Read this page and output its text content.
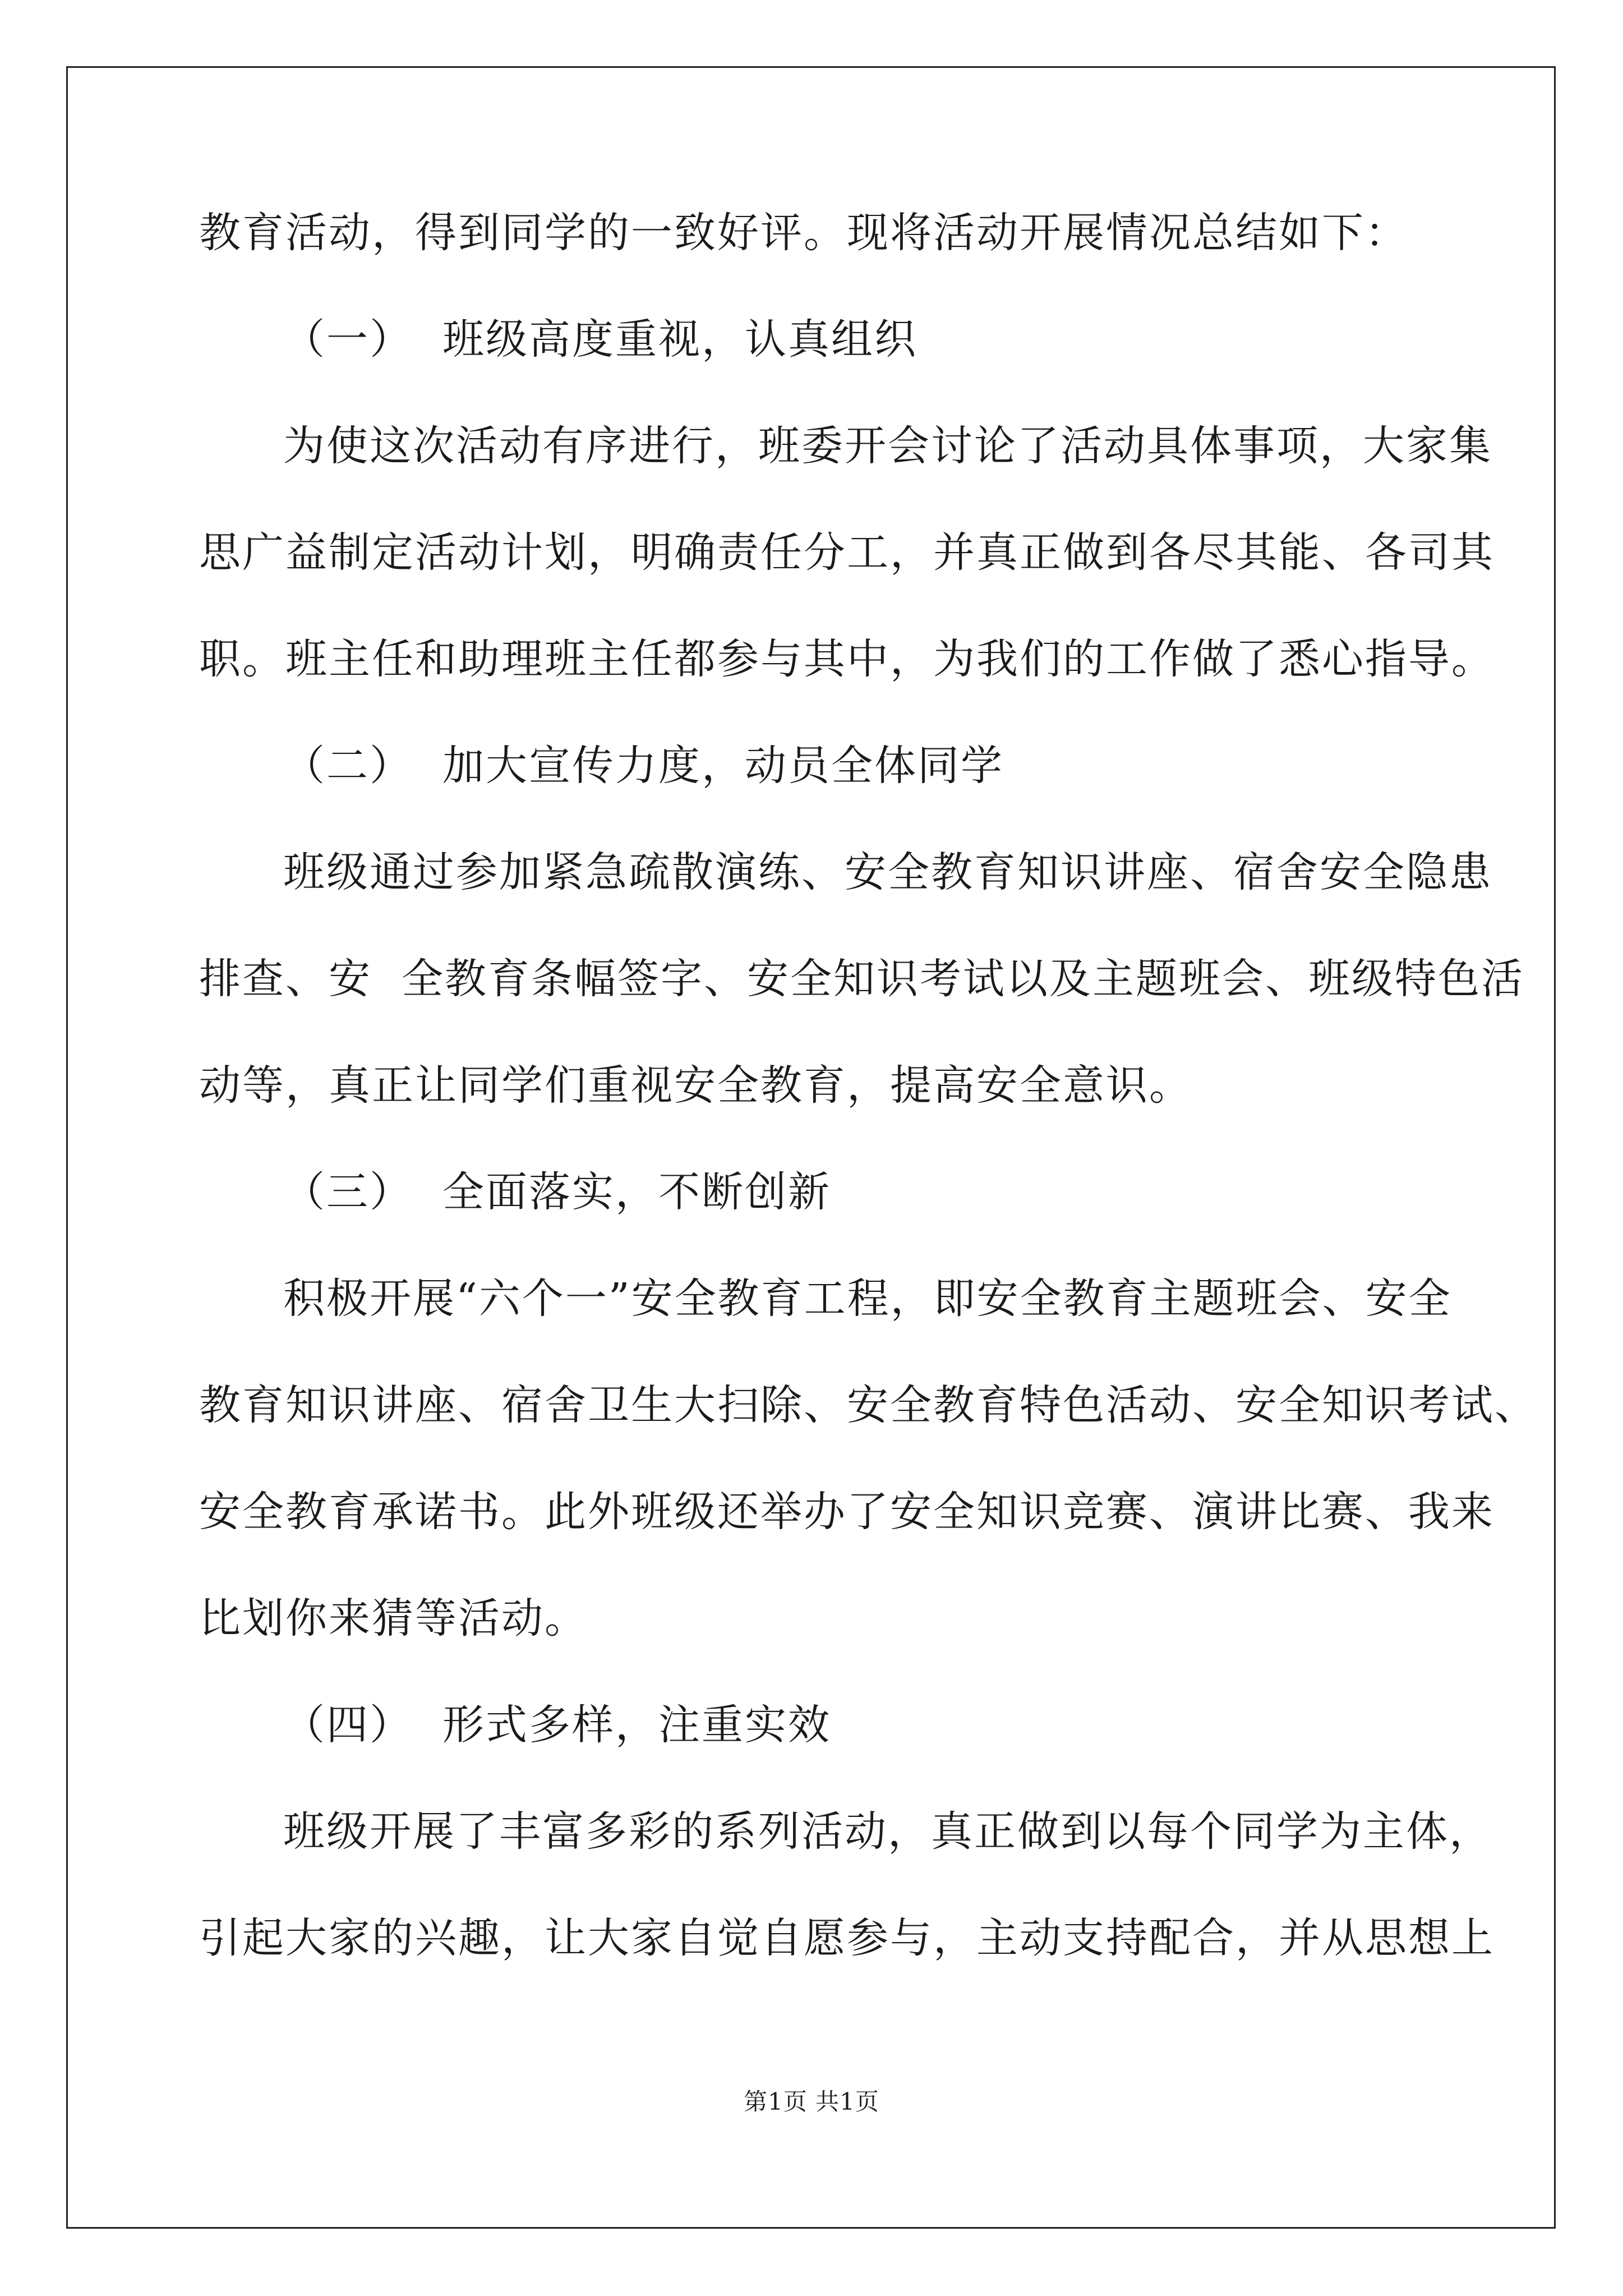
教育活动，得到同学的一致好评。现将活动开展情况总结如下：
（一）  班级高度重视，认真组织
为使这次活动有序进行，班委开会讨论了活动具体事项，大家集
思广益制定活动计划，明确责任分工，并真正做到各尽其能、各司其
职。班主任和助理班主任都参与其中，为我们的工作做了悉心指导。
（二）  加大宣传力度，动员全体同学
班级通过参加紧急疏散演练、安全教育知识讲座、宿舍安全隐患
排查、安  全教育条幅签字、安全知识考试以及主题班会、班级特色活
动等，真正让同学们重视安全教育，提高安全意识。
（三）  全面落实，不断创新
积极开展“六个一”安全教育工程，即安全教育主题班会、安全
教育知识讲座、宿舍卫生大扫除、安全教育特色活动、安全知识考试、
安全教育承诺书。此外班级还举办了安全知识竞赛、演讲比赛、我来
比划你来猜等活动。
（四）  形式多样，注重实效
班级开展了丰富多彩的系列活动，真正做到以每个同学为主体，
引起大家的兴趣，让大家自觉自愿参与，主动支持配合，并从思想上
第1页 共1页
